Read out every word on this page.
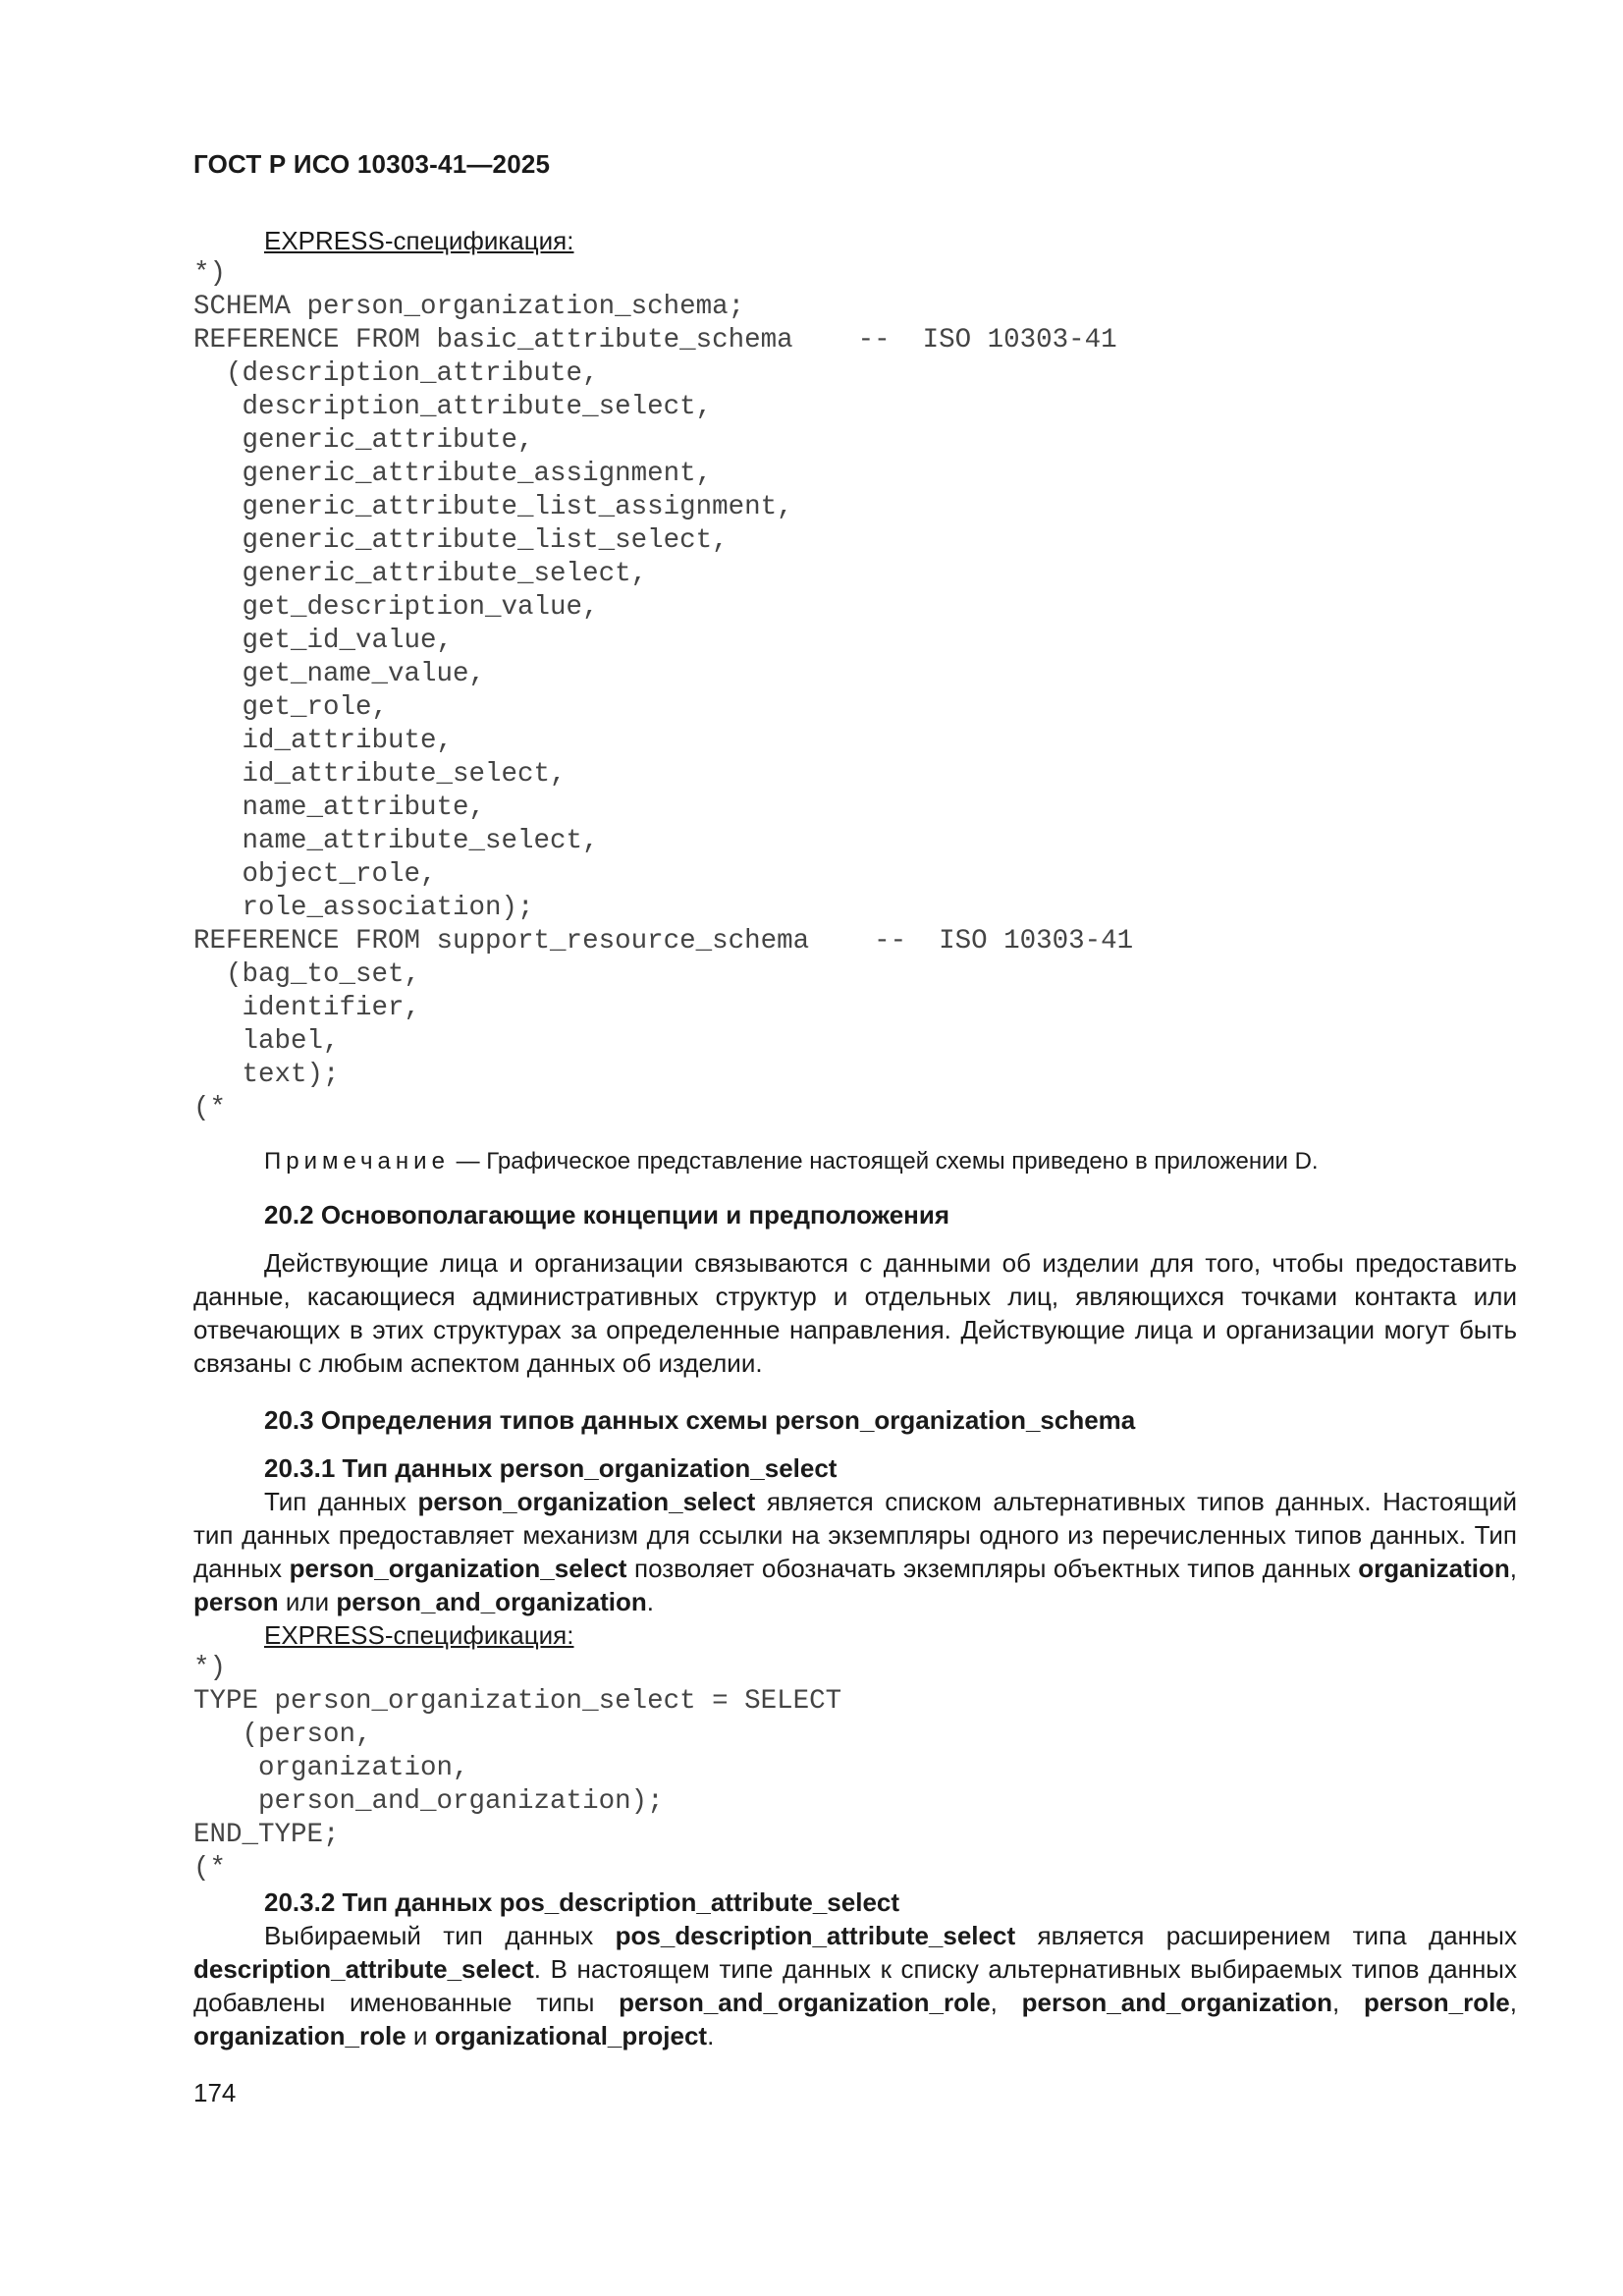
ГОСТ Р ИСО 10303-41—2025

EXPRESS-спецификация:

*)
SCHEMA person_organization_schema;
REFERENCE FROM basic_attribute_schema    --  ISO 10303-41
(description_attribute,
description_attribute_select,
generic_attribute,
generic_attribute_assignment,
generic_attribute_list_assignment,
generic_attribute_list_select,
generic_attribute_select,
get_description_value,
get_id_value,
get_name_value,
get_role,
id_attribute,
id_attribute_select,
name_attribute,
name_attribute_select,
object_role,
role_association);
REFERENCE FROM support_resource_schema    --  ISO 10303-41
(bag_to_set,
identifier,
label,
text);
(*

Примечание — Графическое представление настоящей схемы приведено в приложении D.

20.2 Основополагающие концепции и предположения

Действующие лица и организации связываются с данными об изделии для того, чтобы предоставить данные, касающиеся административных структур и отдельных лиц, являющихся точками контакта или отвечающих в этих структурах за определенные направления. Действующие лица и организации могут быть связаны с любым аспектом данных об изделии.

20.3 Определения типов данных схемы person_organization_schema
20.3.1 Тип данных person_organization_select

Тип данных person_organization_select является списком альтернативных типов данных. Настоящий тип данных предоставляет механизм для ссылки на экземпляры одного из перечисленных типов данных. Тип данных person_organization_select позволяет обозначать экземпляры объектных типов данных organization, person или person_and_organization.

EXPRESS-спецификация:

*)
TYPE person_organization_select = SELECT
(person,
organization,
person_and_organization);
END_TYPE;
(*
20.3.2 Тип данных pos_description_attribute_select

Выбираемый тип данных pos_description_attribute_select является расширением типа данных description_attribute_select. В настоящем типе данных к списку альтернативных выбираемых типов данных добавлены именованные типы person_and_organization_role, person_and_organization, person_role, organization_role и organizational_project.

174
